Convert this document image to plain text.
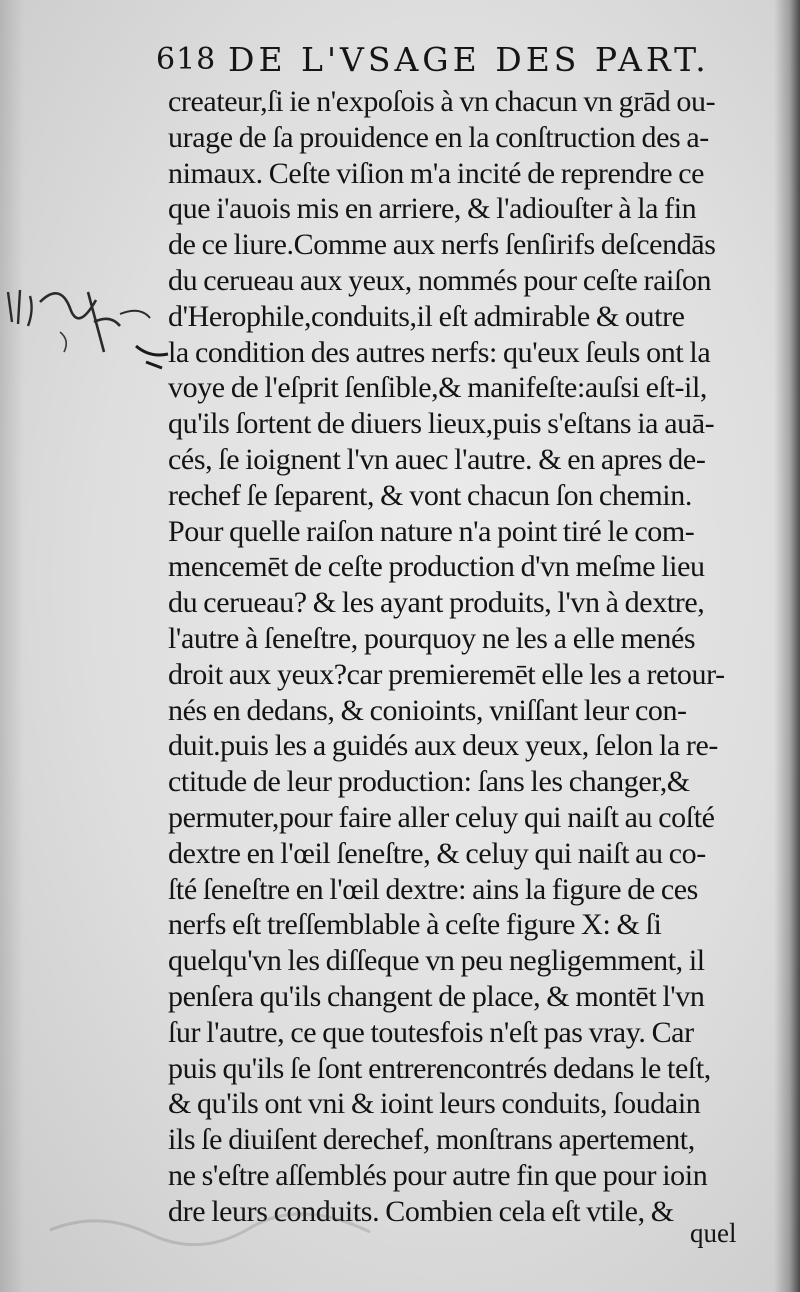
618 DE L'VSAGE DES PART.
createur,ſi ie n'expoſois à vn chacun vn grād ou-
urage de ſa prouidence en la conſtruction des a-
nimaux. Ceſte viſion m'a incité de reprendre ce
que i'auois mis en arriere, & l'adiouſter à la fin
de ce liure.Comme aux nerfs ſenſirifs deſcendās
du cerueau aux yeux, nommés pour ceſte raiſon
d'Herophile,conduits,il eſt admirable & outre
la condition des autres nerfs: qu'eux ſeuls ont la
voye de l'eſprit ſenſible,& manifeſte:auſsi eſt-il,
qu'ils ſortent de diuers lieux,puis s'eſtans ia auā-
cés, ſe ioignent l'vn auec l'autre. & en apres de-
rechef ſe ſeparent, & vont chacun ſon chemin.
Pour quelle raiſon nature n'a point tiré le com-
mencemēt de ceſte production d'vn meſme lieu
du cerueau? & les ayant produits, l'vn à dextre,
l'autre à ſeneſtre, pourquoy ne les a elle menés
droit aux yeux?car premieremēt elle les a retour-
nés en dedans, & conioints, vniſſant leur con-
duit.puis les a guidés aux deux yeux, ſelon la re-
ctitude de leur production: ſans les changer,&
permuter,pour faire aller celuy qui naiſt au coſté
dextre en l'œil ſeneſtre, & celuy qui naiſt au co-
ſté ſeneſtre en l'œil dextre: ains la figure de ces
nerfs eſt treſſemblable à ceſte figure X: & ſi
quelqu'vn les diſſeque vn peu negligemment, il
penſera qu'ils changent de place, & montēt l'vn
ſur l'autre, ce que toutesfois n'eſt pas vray. Car
puis qu'ils ſe ſont entrerencontrés dedans le teſt,
& qu'ils ont vni & ioint leurs conduits, ſoudain
ils ſe diuiſent derechef, monſtrans apertement,
ne s'eſtre aſſemblés pour autre fin que pour ioin
dre leurs conduits. Combien cela eſt vtile, &
quel
